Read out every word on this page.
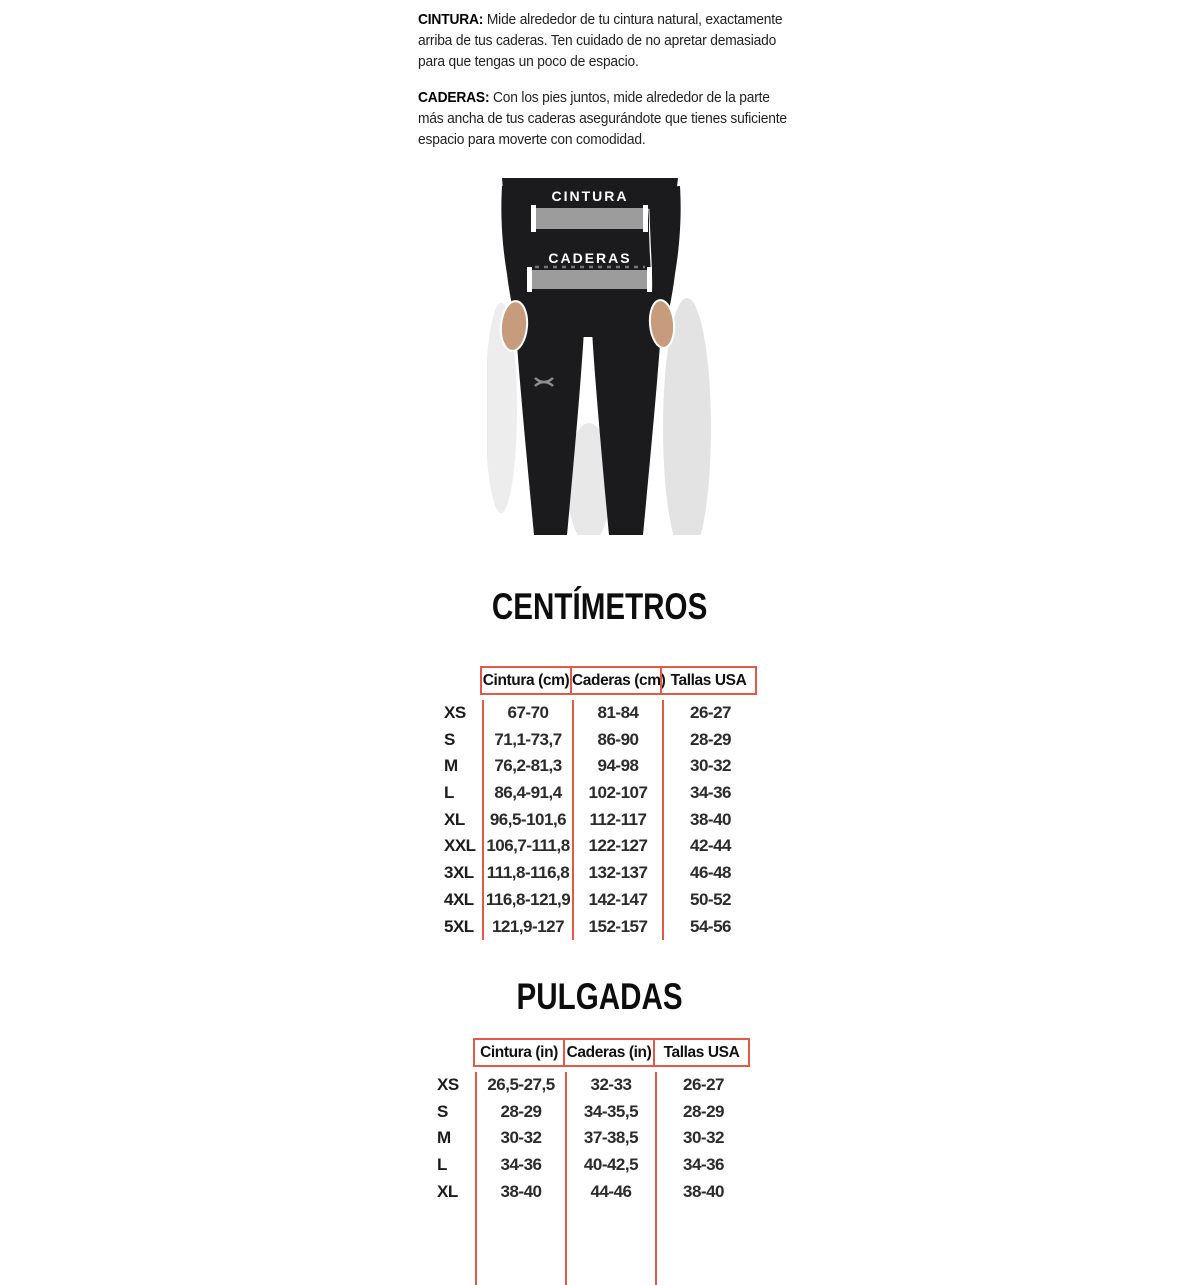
CINTURA: Mide alrededor de tu cintura natural, exactamente arriba de tus caderas. Ten cuidado de no apretar demasiado para que tengas un poco de espacio.

CADERAS: Con los pies juntos, mide alrededor de la parte más ancha de tus caderas asegurándote que tienes suficiente espacio para moverte con comodidad.

CINTURA
CADERAS
CENTÍMETROS
Cintura (cm) Caderas (cm) Tallas USA
XS	67-70	81-84	26-27
S	71,1-73,7	86-90	28-29
M	76,2-81,3	94-98	30-32
L	86,4-91,4	102-107	34-36
XL	96,5-101,6	112-117	38-40
XXL 106,7-111,8	122-127	42-44
3XL 111,8-116,8	132-137	46-48
4XL 116,8-121,9	142-147	50-52
5XL	121,9-127	152-157	54-56
PULGADAS
Cintura (in) Caderas (in) Tallas USA
XS	26,5-27,5	32-33	26-27
S	28-29	34-35,5	28-29
M	30-32	37-38,5	30-32
L	34-36	40-42,5	34-36
XL	38-40	44-46	38-40
